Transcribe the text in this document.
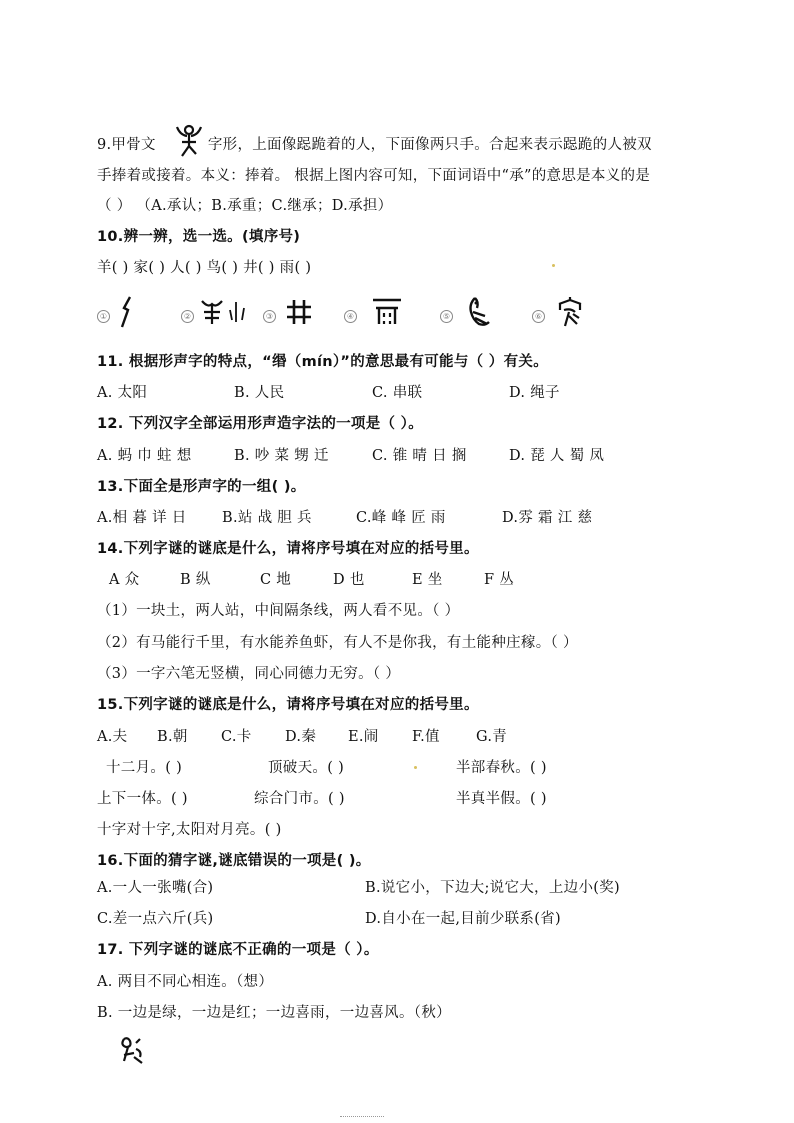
9.甲骨文	字形，上面像跽跪着的人，下面像两只手。合起来表示跽跪的人被双
手捧着或接着。本义：捧着。 根据上图内容可知，下面词语中“承”的意思是本义的是
（ ） （A.承认；B.承重；C.继承；D.承担）
10.辨一辨，选一选。(填序号)
羊( ) 家( ) 人( ) 鸟( ) 井( ) 雨( )
①	②	③	④	⑤	⑥
11. 根据形声字的特点，“缗（mín）”的意思最有可能与（ ）有关。
A. 太阳	B. 人民	C. 串联	D. 绳子
12. 下列汉字全部运用形声造字法的一项是（ ）。
A. 蚂 巾 蛀 想	B. 吵 菜 甥 迁	C. 锥 晴 日 搁	D. 琵 人 蜀 凤
13.下面全是形声字的一组( )。
A.相 暮 详 日 B.站 战 胆 兵	C.峰 峰 匠 雨	D.雰 霜 江 慈
14.下列字谜的谜底是什么，请将序号填在对应的括号里。
A 众	B 纵	C 地	D 也	E 坐	F 丛
（1）一块土，两人站，中间隔条线，两人看不见。（ ）
（2）有马能行千里，有水能养鱼虾，有人不是你我，有土能种庄稼。（ ）
（3）一字六笔无竖横，同心同德力无穷。（ ）
15.下列字谜的谜底是什么，请将序号填在对应的括号里。
A.夫 B.朝 C.卡 D.秦 E.闹 F.值 G.青
十二月。( )	顶破天。( )	半部春秋。( )
上下一体。( )	综合门市。( )	半真半假。( )
十字对十字,太阳对月亮。( )
16.下面的猜字谜,谜底错误的一项是( )。
A.一人一张嘴(合)	B.说它小，下边大;说它大，上边小(奖)
C.差一点六斤(兵)	D.自小在一起,目前少联系(省)
17. 下列字谜的谜底不正确的一项是（ ）。
A. 两目不同心相连。（想）
B. 一边是绿，一边是红；一边喜雨，一边喜风。（秋）
